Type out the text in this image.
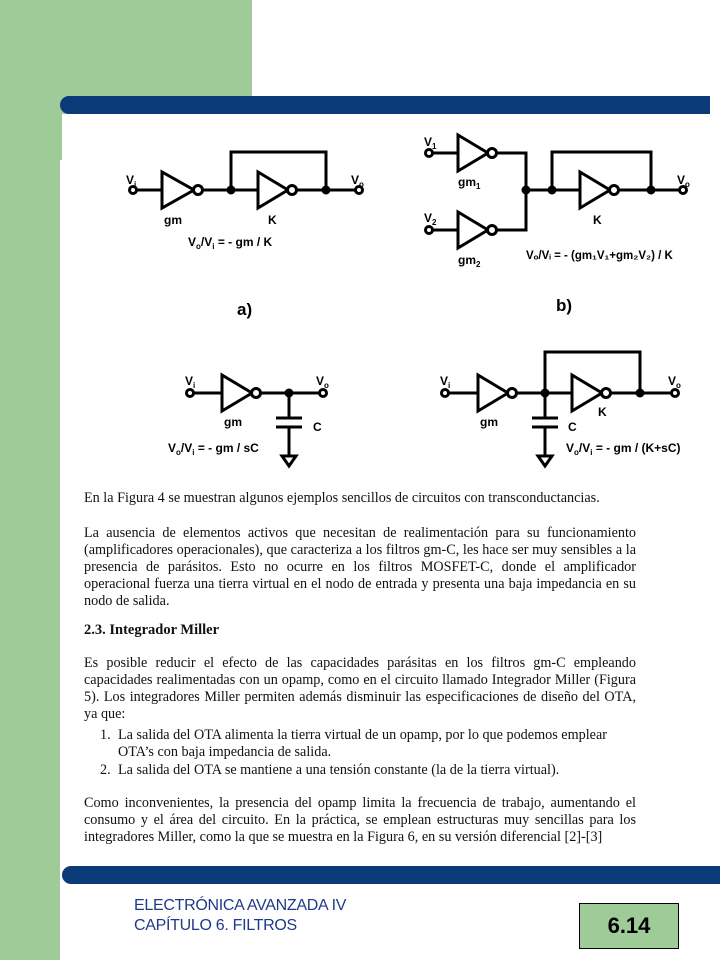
$V_i$	$V_o$
gm	K
$V_o/V_i$ = - gm / K
a)
$V_1$
$V_2$
$gm_1$
$gm_2$
K
$V_o$
Vₒ/Vᵢ = - (gm₁V₁+gm₂V₂) / K
b)
$V_i$	$V_o$
gm	C
$V_o/V_i$ = - gm / sC
$V_i$	$V_o$
gm
K
C
$V_o/V_i$ = - gm / (K+sC)
En la Figura 4 se muestran algunos ejemplos sencillos de circuitos con transconductancias.
La ausencia de elementos activos que necesitan de realimentación para su funcionamiento (amplificadores operacionales), que caracteriza a los filtros gm-C, les hace ser muy sensibles a la presencia de parásitos. Esto no ocurre en los filtros MOSFET-C, donde el amplificador operacional fuerza una tierra virtual en el nodo de entrada y presenta una baja impedancia en su nodo de salida.
2.3. Integrador Miller
Es posible reducir el efecto de las capacidades parásitas en los filtros gm-C empleando capacidades realimentadas con un opamp, como en el circuito llamado Integrador Miller (Figura 5). Los integradores Miller permiten además disminuir las especificaciones de diseño del OTA, ya que:
1. La salida del OTA alimenta la tierra virtual de un opamp, por lo que podemos emplear OTA’s con baja impedancia de salida.
2. La salida del OTA se mantiene a una tensión constante (la de la tierra virtual).
Como inconvenientes, la presencia del opamp limita la frecuencia de trabajo, aumentando el consumo y el área del circuito. En la práctica, se emplean estructuras muy sencillas para los integradores Miller, como la que se muestra en la Figura 6, en su versión diferencial [2]-[3]
ELECTRÓNICA AVANZADA IV
CAPÍTULO 6. FILTROS	6.14
